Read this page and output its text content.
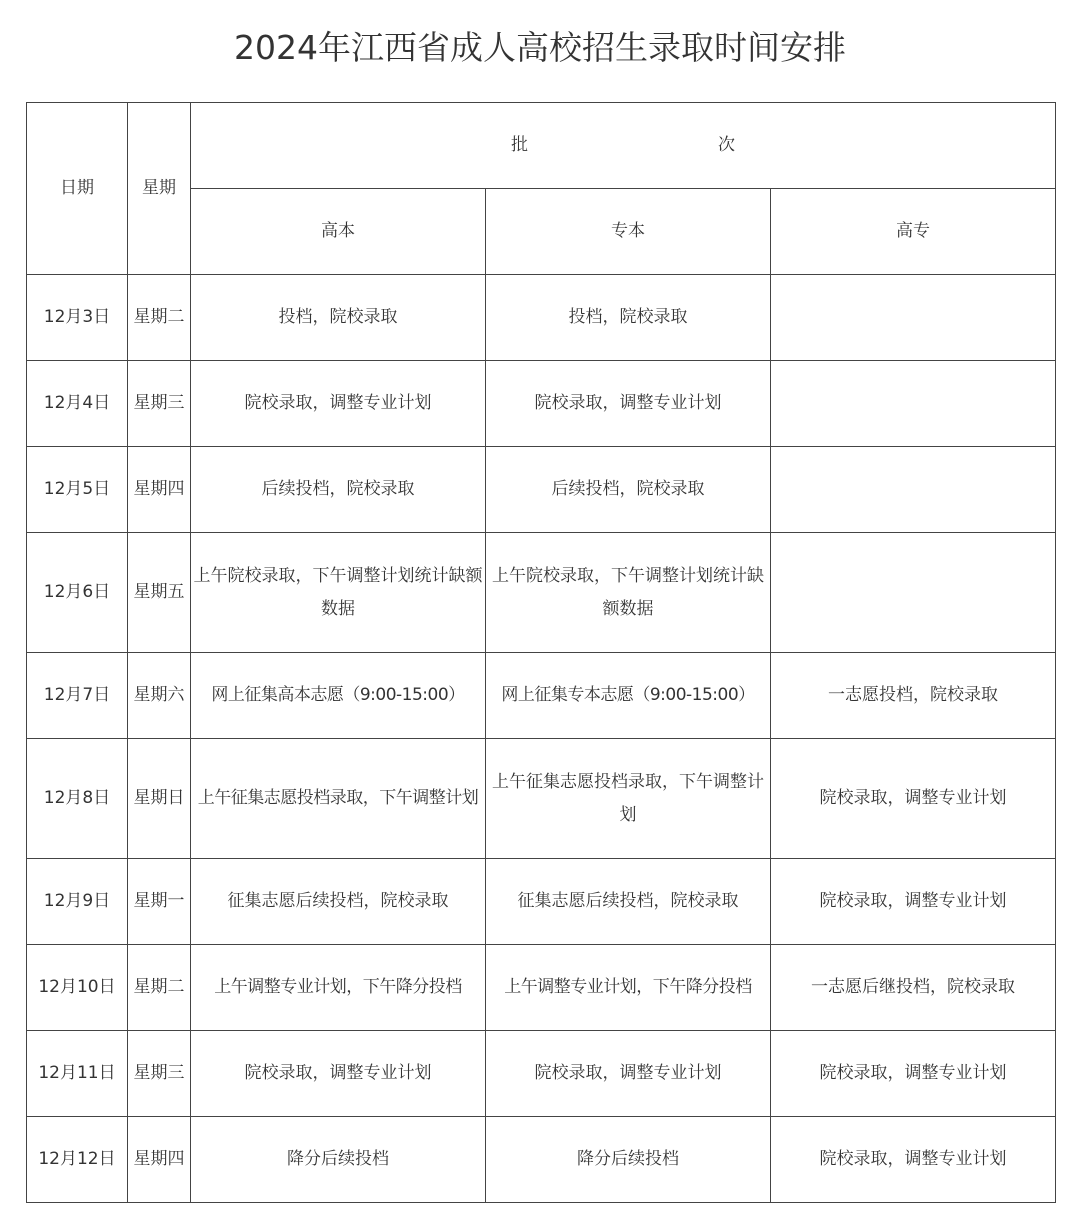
2024年江西省成人高校招生录取时间安排
日期	星期	批 次		
		高本	专本	高专
12月3日	星期二	投档，院校录取	投档，院校录取	
12月4日	星期三	院校录取，调整专业计划	院校录取，调整专业计划	
12月5日	星期四	后续投档，院校录取	后续投档，院校录取	
12月6日	星期五	上午院校录取，下午调整计划统计缺额数据	上午院校录取，下午调整计划统计缺额数据	
12月7日	星期六	网上征集高本志愿（9:00-15:00）	网上征集专本志愿（9:00-15:00）	一志愿投档，院校录取
12月8日	星期日	上午征集志愿投档录取，下午调整计划	上午征集志愿投档录取，下午调整计划	院校录取，调整专业计划
12月9日	星期一	征集志愿后续投档，院校录取	征集志愿后续投档，院校录取	院校录取，调整专业计划
12月10日	星期二	上午调整专业计划，下午降分投档	上午调整专业计划，下午降分投档	一志愿后继投档，院校录取
12月11日	星期三	院校录取，调整专业计划	院校录取，调整专业计划	院校录取，调整专业计划
12月12日	星期四	降分后续投档	降分后续投档	院校录取，调整专业计划
